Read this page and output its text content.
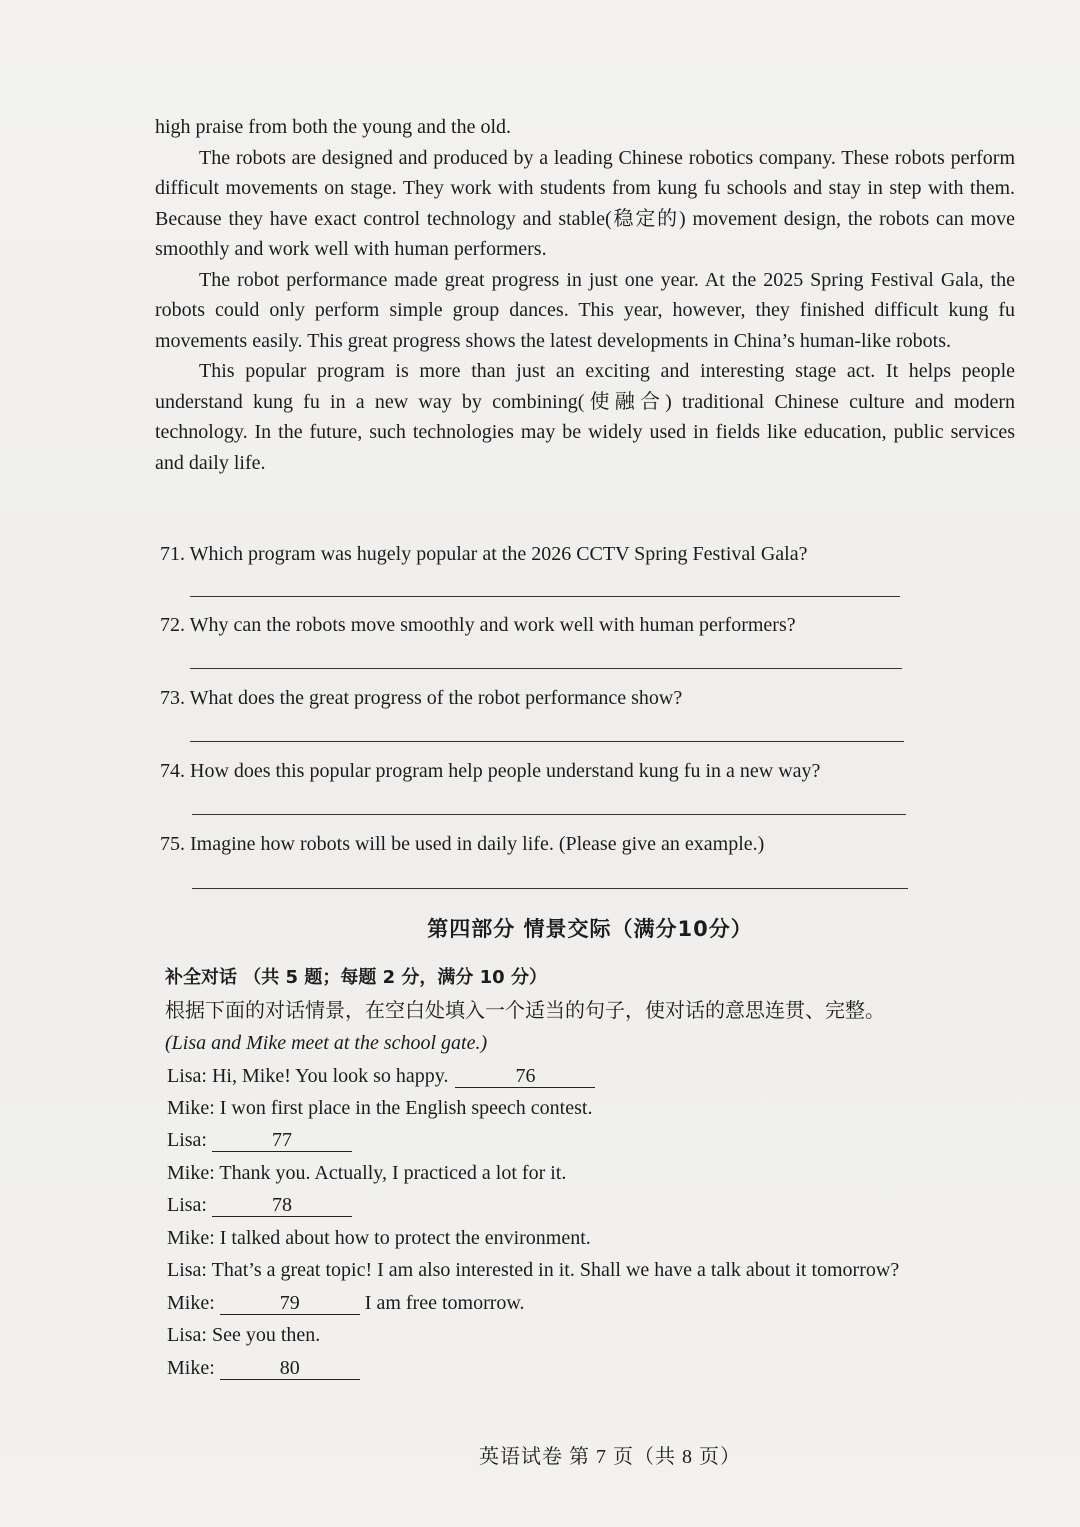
high praise from both the young and the old.

The robots are designed and produced by a leading Chinese robotics company. These robots perform difficult movements on stage. They work with students from kung fu schools and stay in step with them. Because they have exact control technology and stable(稳定的) movement design, the robots can move smoothly and work well with human performers.

The robot performance made great progress in just one year. At the 2025 Spring Festival Gala, the robots could only perform simple group dances. This year, however, they finished difficult kung fu movements easily. This great progress shows the latest developments in China’s human-like robots.

This popular program is more than just an exciting and interesting stage act. It helps people understand kung fu in a new way by combining(使融合) traditional Chinese culture and modern technology. In the future, such technologies may be widely used in fields like education, public services and daily life.

71. Which program was hugely popular at the 2026 CCTV Spring Festival Gala?
72. Why can the robots move smoothly and work well with human performers?
73. What does the great progress of the robot performance show?
74. How does this popular program help people understand kung fu in a new way?
75. Imagine how robots will be used in daily life. (Please give an example.)
第四部分 情景交际（满分10分）
补全对话 （共 5 题；每题 2 分，满分 10 分）
根据下面的对话情景，在空白处填入一个适当的句子，使对话的意思连贯、完整。
(Lisa and Mike meet at the school gate.)
Lisa: Hi, Mike! You look so happy.	76
Mike: I won first place in the English speech contest.
Lisa:	77
Mike: Thank you. Actually, I practiced a lot for it.
Lisa:	78
Mike: I talked about how to protect the environment.
Lisa: That’s a great topic! I am also interested in it. Shall we have a talk about it tomorrow?
Mike:	79	I am free tomorrow.
Lisa: See you then.
Mike:	80
英语试卷 第 7 页（共 8 页）
